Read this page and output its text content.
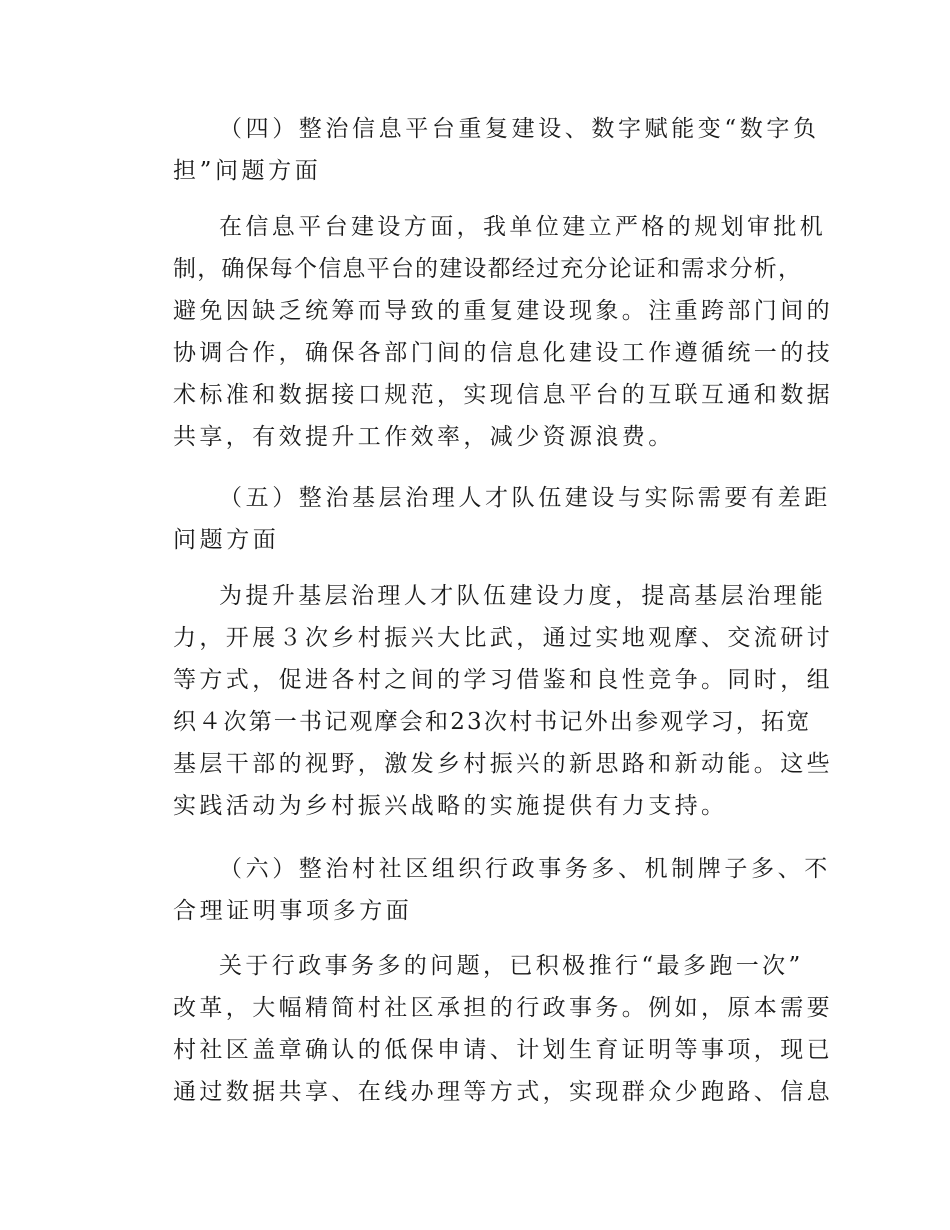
（四）整治信息平台重复建设、数字赋能变“数字负
担”问题方面
在信息平台建设方面，我单位建立严格的规划审批机
制，确保每个信息平台的建设都经过充分论证和需求分析，
避免因缺乏统筹而导致的重复建设现象。注重跨部门间的
协调合作，确保各部门间的信息化建设工作遵循统一的技
术标准和数据接口规范，实现信息平台的互联互通和数据
共享，有效提升工作效率，减少资源浪费。
（五）整治基层治理人才队伍建设与实际需要有差距
问题方面
为提升基层治理人才队伍建设力度，提高基层治理能
力，开展３次乡村振兴大比武，通过实地观摩、交流研讨
等方式，促进各村之间的学习借鉴和良性竞争。同时，组
织４次第一书记观摩会和23次村书记外出参观学习，拓宽
基层干部的视野，激发乡村振兴的新思路和新动能。这些
实践活动为乡村振兴战略的实施提供有力支持。
（六）整治村社区组织行政事务多、机制牌子多、不
合理证明事项多方面
关于行政事务多的问题，已积极推行“最多跑一次”
改革，大幅精简村社区承担的行政事务。例如，原本需要
村社区盖章确认的低保申请、计划生育证明等事项，现已
通过数据共享、在线办理等方式，实现群众少跑路、信息
